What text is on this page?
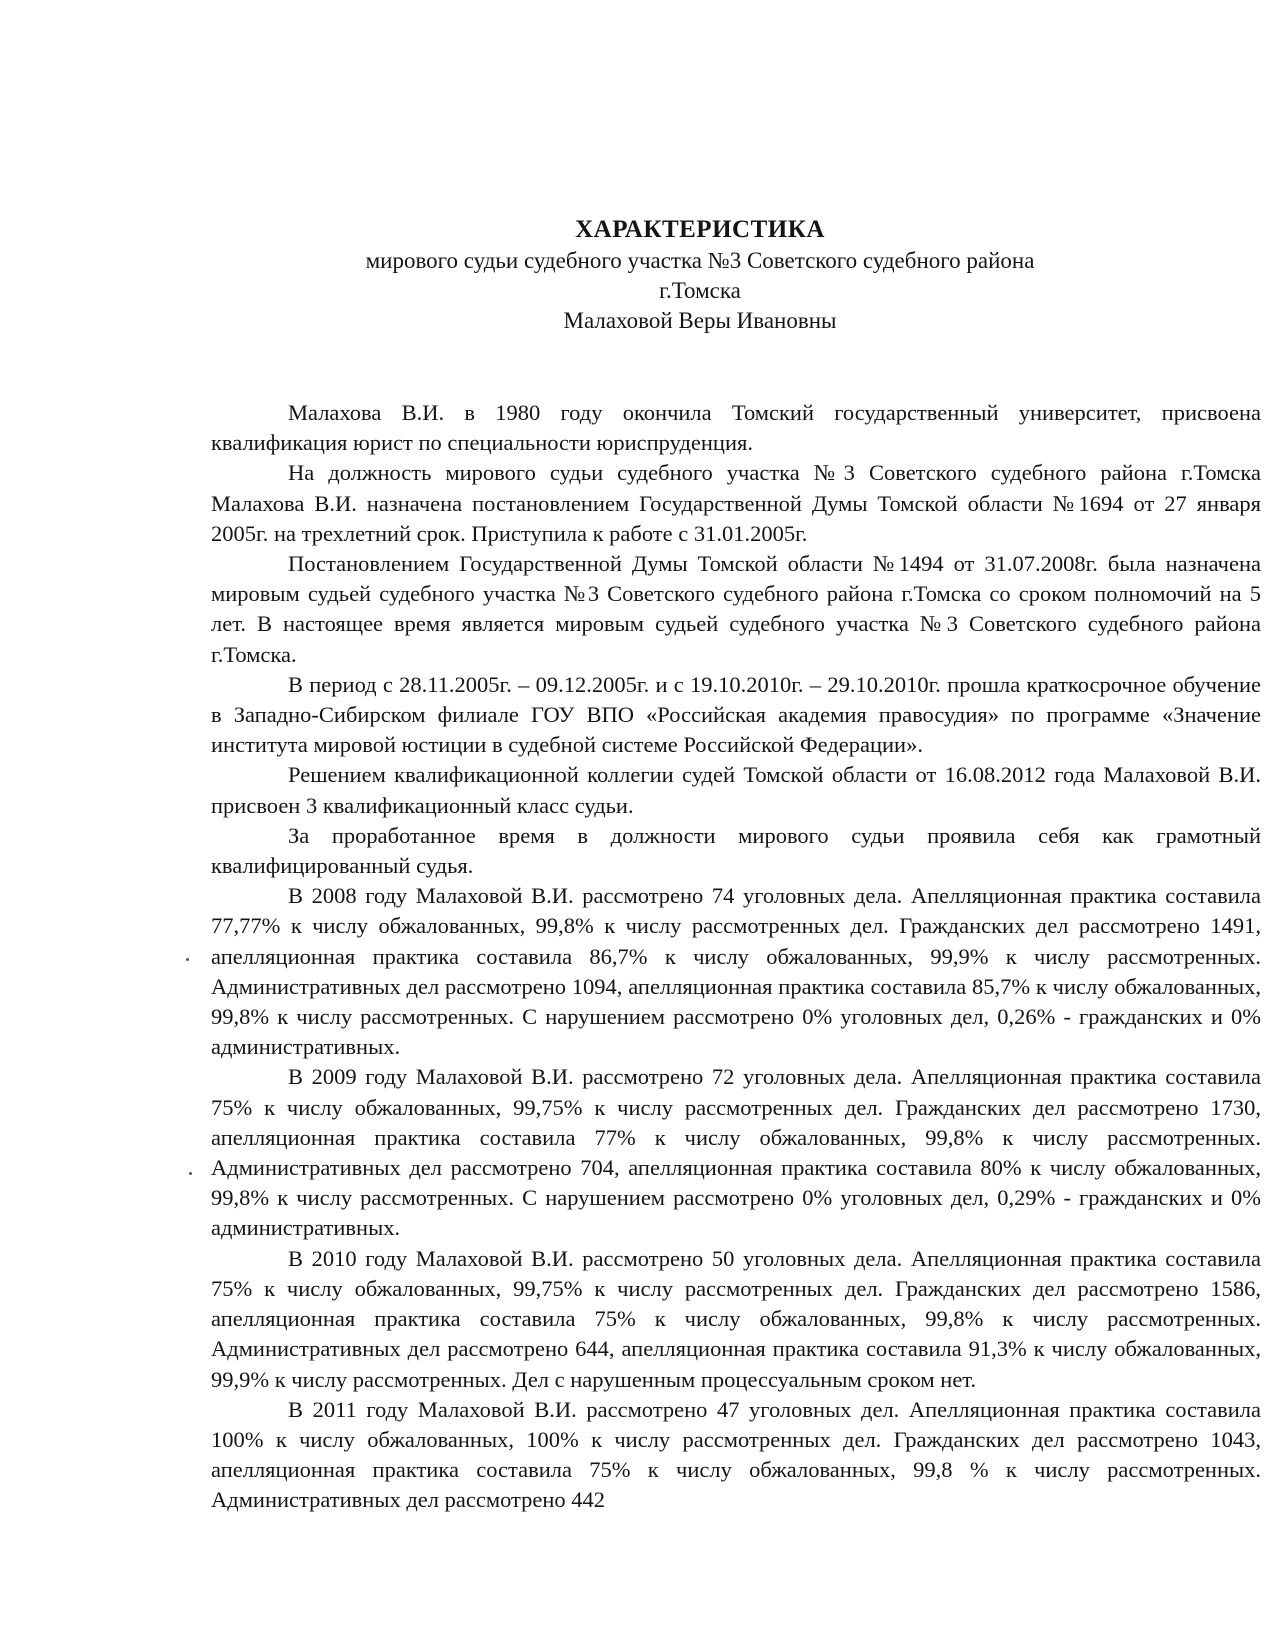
ХАРАКТЕРИСТИКА
мирового судьи судебного участка №3 Советского судебного района
г.Томска
Малаховой Веры Ивановны

Малахова В.И. в 1980 году окончила Томский государственный университет, присвоена квалификация юрист по специальности юриспруденция.

На должность мирового судьи судебного участка №3 Советского судебного района г.Томска Малахова В.И. назначена постановлением Государственной Думы Томской области №1694 от 27 января 2005г. на трехлетний срок. Приступила к работе с 31.01.2005г.

Постановлением Государственной Думы Томской области №1494 от 31.07.2008г. была назначена мировым судьей судебного участка №3 Советского судебного района г.Томска со сроком полномочий на 5 лет. В настоящее время является мировым судьей судебного участка №3 Советского судебного района г.Томска.

В период с 28.11.2005г. – 09.12.2005г. и с 19.10.2010г. – 29.10.2010г. прошла краткосрочное обучение в Западно-Сибирском филиале ГОУ ВПО «Российская академия правосудия» по программе «Значение института мировой юстиции в судебной системе Российской Федерации».

Решением квалификационной коллегии судей Томской области от 16.08.2012 года Малаховой В.И. присвоен 3 квалификационный класс судьи.

За проработанное время в должности мирового судьи проявила себя как грамотный квалифицированный судья.

В 2008 году Малаховой В.И. рассмотрено 74 уголовных дела. Апелляционная практика составила 77,77% к числу обжалованных, 99,8% к числу рассмотренных дел. Гражданских дел рассмотрено 1491, апелляционная практика составила 86,7% к числу обжалованных, 99,9% к числу рассмотренных. Административных дел рассмотрено 1094, апелляционная практика составила 85,7% к числу обжалованных, 99,8% к числу рассмотренных. С нарушением рассмотрено 0% уголовных дел, 0,26% - гражданских и 0% административных.

В 2009 году Малаховой В.И. рассмотрено 72 уголовных дела. Апелляционная практика составила 75% к числу обжалованных, 99,75% к числу рассмотренных дел. Гражданских дел рассмотрено 1730, апелляционная практика составила 77% к числу обжалованных, 99,8% к числу рассмотренных. Административных дел рассмотрено 704, апелляционная практика составила 80% к числу обжалованных, 99,8% к числу рассмотренных. С нарушением рассмотрено 0% уголовных дел, 0,29% - гражданских и 0% административных.

В 2010 году Малаховой В.И. рассмотрено 50 уголовных дела. Апелляционная практика составила 75% к числу обжалованных, 99,75% к числу рассмотренных дел. Гражданских дел рассмотрено 1586, апелляционная практика составила 75% к числу обжалованных, 99,8% к числу рассмотренных. Административных дел рассмотрено 644, апелляционная практика составила 91,3% к числу обжалованных, 99,9% к числу рассмотренных. Дел с нарушенным процессуальным сроком нет.

В 2011 году Малаховой В.И. рассмотрено 47 уголовных дел. Апелляционная практика составила 100% к числу обжалованных, 100% к числу рассмотренных дел. Гражданских дел рассмотрено 1043, апелляционная практика составила 75% к числу обжалованных, 99,8 % к числу рассмотренных. Административных дел рассмотрено 442
